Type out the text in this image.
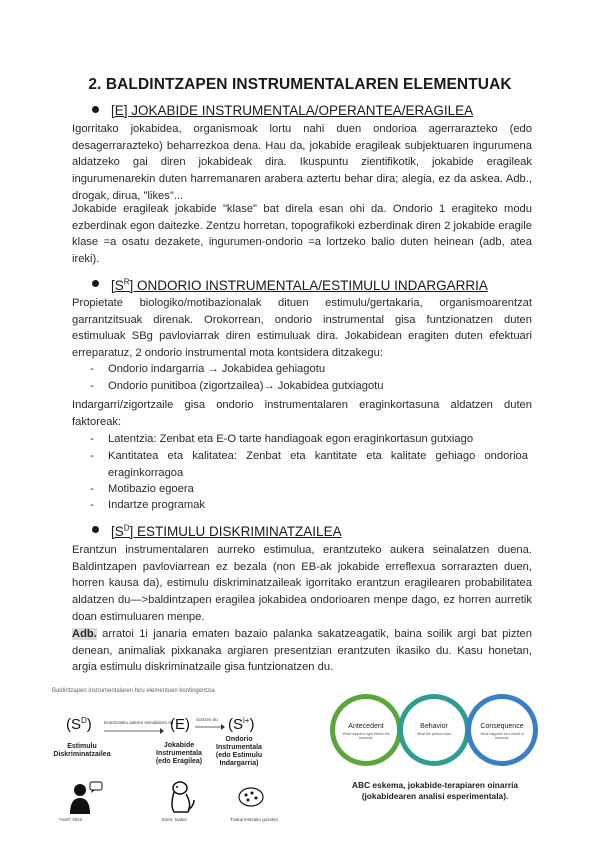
2. BALDINTZAPEN INSTRUMENTALAREN ELEMENTUAK
[E] JOKABIDE INSTRUMENTALA/OPERANTEA/ERAGILEA

Igorritako jokabidea, organismoak lortu nahi duen ondorioa agerrarazteko (edo desagerrarazteko) beharrezkoa dena. Hau da, jokabide eragileak subjektuaren ingurumena aldatzeko gai diren jokabideak dira. Ikuspuntu zientifikotik, jokabide eragileak ingurumenarekin duten harremanaren arabera aztertu behar dira; alegia, ez da askea. Adb., drogak, dirua, "likes"...

Jokabide eragileak jokabide "klase" bat direla esan ohi da. Ondorio 1 eragiteko modu ezberdinak egon daitezke. Zentzu horretan, topografikoki ezberdinak diren 2 jokabide eragile klase =a osatu dezakete, ingurumen-ondorio =a lortzeko balio duten heinean (adb, atea ireki).

$[S^R]$ ONDORIO INSTRUMENTALA/ESTIMULU INDARGARRIA

Propietate biologiko/motibazionalak dituen estimulu/gertakaria, organismoarentzat garrantzitsuak direnak. Orokorrean, ondorio instrumental gisa funtzionatzen duten estimuluak SBg pavloviarrak diren estimuluak dira. Jokabidean eragiten duten efektuari erreparatuz, 2 ondorio instrumental mota kontsidera ditzakegu:

- Ondorio indargarria → Jokabidea gehiagotu
- Ondorio punitiboa (zigortzailea)→ Jokabidea gutxiagotu

Indargarri/zigortzaile gisa ondorio instrumentalaren eraginkortasuna aldatzen duten faktoreak:

- Latentzia: Zenbat eta E-O tarte handiagoak egon eraginkortasun gutxiago
- Kantitatea eta kalitatea: Zenbat eta kantitate eta kalitate gehiago ondorioa eraginkorragoa
- Motibazio egoera
- Indartze programak
$[S^D]$ ESTIMULU DISKRIMINATZAILEA

Erantzun instrumentalaren aurreko estimulua, erantzuteko aukera seinalatzen duena. Baldintzapen pavloviarrean ez bezala (non EB-ak jokabide erreflexua sorrarazten duen, horren kausa da), estimulu diskriminatzaileak igorritako erantzun eragilearen probabilitatea aldatzen du—>baldintzapen eragilea jokabidea ondorioaren menpe dago, ez horren aurretik doan estimuluaren menpe.

Adb. arratoi 1i janaria ematen bazaio palanka sakatzeagatik, baina soilik argi bat pizten denean, animaliak pixkanaka argiaren presentzian erantzuten ikasiko du. Kasu honetan, argia estimulu diskriminatzaile gisa funtzionatzen du.

Baldintzapen instrumentalaren hiru elementuen kontingentzia
$(S^D)$	Erantzuteko aukera seinalatzen du
(E) Sortzen du $(S^{i+})$
Estimulu Diskriminatzailea
Jokabide Instrumentala (edo Eragilea)
Ondorio Instrumentala (edo Estimulu Indargarria)
"Aseti" hitza	Eseri, txakur	Txakurrentzako gozokia
Antecedent
What happens right before the behavior
Behavior
What the person does
Consequence
What happens as a result of behavior
ABC eskema, jokabide-terapiaren oinarria (jokabidearen analisi esperimentala).
